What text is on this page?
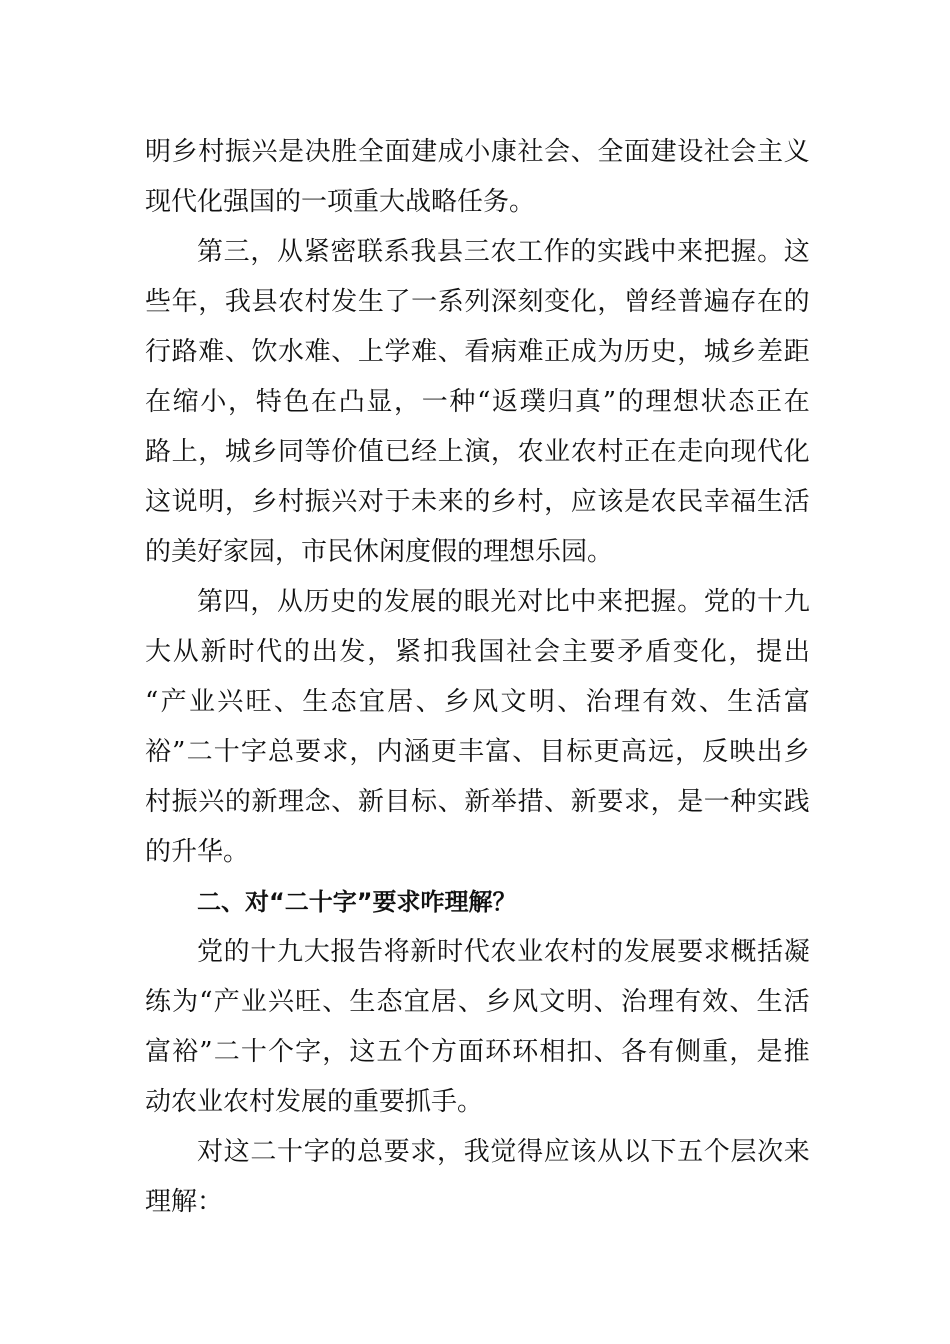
明 乡 村 振 兴 是 决 胜 全 面 建 成 小 康 社 会 、 全 面 建 设 社 会 主 义
现代化强国的一项重大战略任务。
第 三 ， 从 紧 密 联 系 我 县 三 农 工 作 的 实 践 中 来 把 握 。 这
些 年 ， 我 县 农 村 发 生 了 一 系 列 深 刻 变 化 ， 曾 经 普 遍 存 在 的
行 路 难 、 饮 水 难 、 上 学 难 、 看 病 难 正 成 为 历 史 ， 城 乡 差 距
在 缩 小 ， 特 色 在 凸 显 ， 一 种 “ 返 璞 归 真 ” 的 理 想 状 态 正 在
路 上 ， 城 乡 同 等 价 值 已 经 上 演 ， 农 业 农 村 正 在 走 向 现 代 化
这 说 明 ， 乡 村 振 兴 对 于 未 来 的 乡 村 ， 应 该 是 农 民 幸 福 生 活
的美好家园，市民休闲度假的理想乐园。
第 四 ， 从 历 史 的 发 展 的 眼 光 对 比 中 来 把 握 。 党 的 十 九
大 从 新 时 代 的 出 发 ， 紧 扣 我 国 社 会 主 要 矛 盾 变 化 ， 提 出
“ 产 业 兴 旺 、 生 态 宜 居 、 乡 风 文 明 、 治 理 有 效 、 生 活 富
裕 ” 二 十 字 总 要 求 ， 内 涵 更 丰 富 、 目 标 更 高 远 ， 反 映 出 乡
村 振 兴 的 新 理 念 、 新 目 标 、 新 举 措 、 新 要 求 ， 是 一 种 实 践
的升华。
二、对“二十字”要求咋理解？
党 的 十 九 大 报 告 将 新 时 代 农 业 农 村 的 发 展 要 求 概 括 凝
练 为 “ 产 业 兴 旺 、 生 态 宜 居 、 乡 风 文 明 、 治 理 有 效 、 生 活
富 裕 ” 二 十 个 字 ， 这 五 个 方 面 环 环 相 扣 、 各 有 侧 重 ， 是 推
动农业农村发展的重要抓手。
对 这 二 十 字 的 总 要 求 ， 我 觉 得 应 该 从 以 下 五 个 层 次 来
理解：
